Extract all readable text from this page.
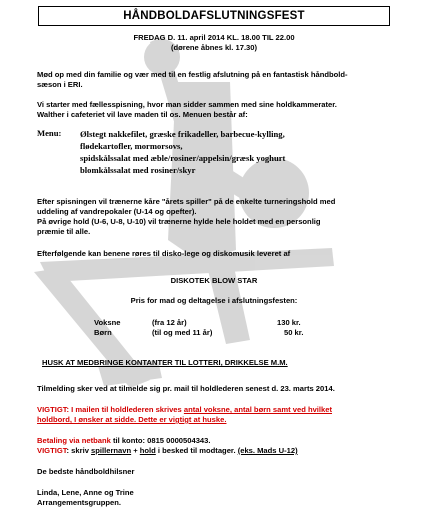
HÅNDBOLDAFSLUTNINGSFEST
FREDAG D. 11. april 2014 KL. 18.00 TIL 22.00
(dørene åbnes kl. 17.30)
Mød op med din familie og vær med til en festlig afslutning på en fantastisk håndbold-
sæson i ERI.
Vi starter med fællesspisning, hvor man sidder sammen med sine holdkammerater.
Walther i cafeteriet vil lave maden til os. Menuen består af:
Menu: Ølstegt nakkefilet, græske frikadeller, barbecue-kylling,
flødekartofler, mormorsovs,
spidskålssalat med æble/rosiner/appelsin/græsk yoghurt
blomkålssalat med rosiner/skyr
Efter spisningen vil trænerne kåre "årets spiller" på de enkelte turneringshold med
uddeling af vandrepokaler (U-14 og opefter).
På øvrige hold (U-6, U-8, U-10) vil trænerne hylde hele holdet med en personlig
præmie til alle.
Efterfølgende kan benene røres til disko-lege og diskomusik leveret af
DISKOTEK BLOW STAR
Pris for mad og deltagelse i afslutningsfesten:
Voksne	(fra 12 år)	130 kr.
Børn	(til og med 11 år)	50 kr.
HUSK AT MEDBRINGE KONTANTER TIL LOTTERI, DRIKKELSE M.M.
Tilmelding sker ved at tilmelde sig pr. mail til holdlederen senest d. 23. marts 2014.
VIGTIGT: I mailen til holdlederen skrives antal voksne, antal børn samt ved hvilket
holdbord, I ønsker at sidde. Dette er vigtigt at huske.
Betaling via netbank til konto: 0815 0000504343.
VIGTIGT: skriv spillernavn + hold i besked til modtager. (eks. Mads U-12)
De bedste håndboldhilsner
Linda, Lene, Anne og Trine
Arrangementsgruppen.
